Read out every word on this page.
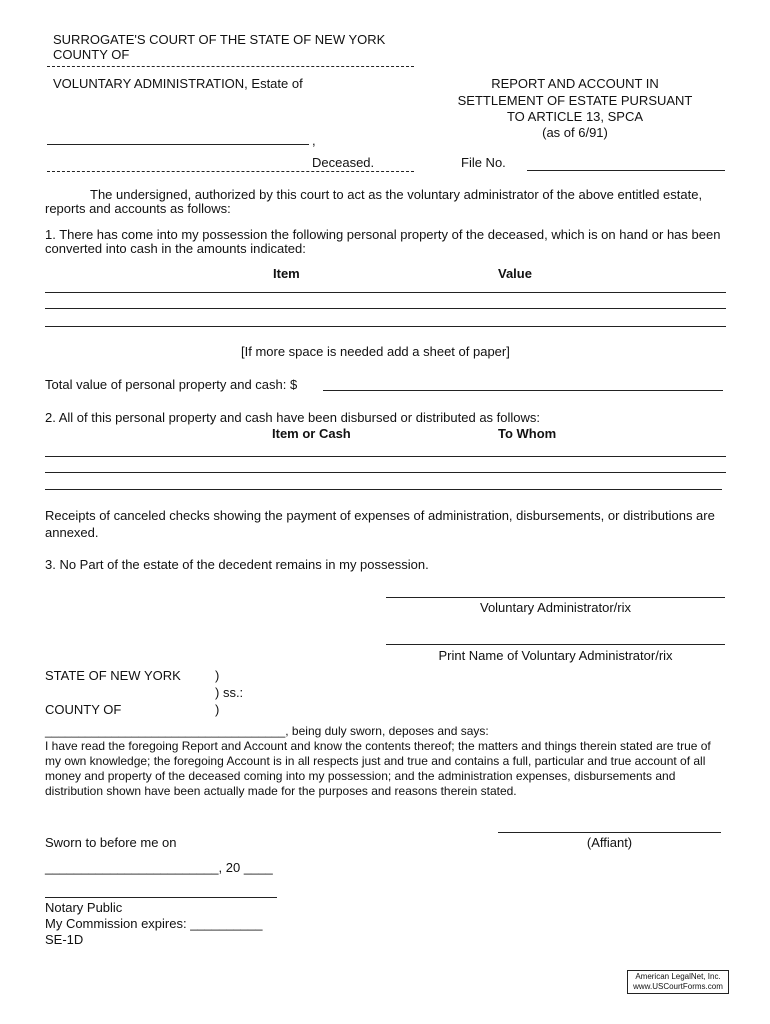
SURROGATE'S COURT OF THE STATE OF NEW YORK
COUNTY OF
VOLUNTARY ADMINISTRATION, Estate of
,
Deceased.
REPORT AND ACCOUNT IN
SETTLEMENT OF ESTATE PURSUANT
TO ARTICLE 13, SPCA
(as of 6/91)
File No.
The undersigned, authorized by this court to act as the voluntary administrator of the above entitled estate, reports and accounts as follows:
1. There has come into my possession the following personal property of the deceased, which is on hand or has been converted into cash in the amounts indicated:
Item	Value
[If more space is needed add a sheet of paper]
Total value of personal property and cash: $
2. All of this personal property and cash have been disbursed or distributed as follows:
Item or Cash	To Whom
Receipts of canceled checks showing the payment of expenses of administration, disbursements, or distributions are annexed.
3. No Part of the estate of the decedent remains in my possession.
Voluntary Administrator/rix
Print Name of Voluntary Administrator/rix
STATE OF NEW YORK	)
) ss.:
COUNTY OF	)
____________________________________, being duly sworn, deposes and says:
I have read the foregoing Report and Account and know the contents thereof; the matters and things therein stated are true of my own knowledge; the foregoing Account is in all respects just and true and contains a full, particular and true account of all money and property of the deceased coming into my possession; and the administration expenses, disbursements and distribution shown have been actually made for the purposes and reasons therein stated.
Sworn to before me on	(Affiant)
________________________, 20 ____
Notary Public
My Commission expires: __________
SE-1D
American LegalNet, Inc.
www.USCourtForms.com
